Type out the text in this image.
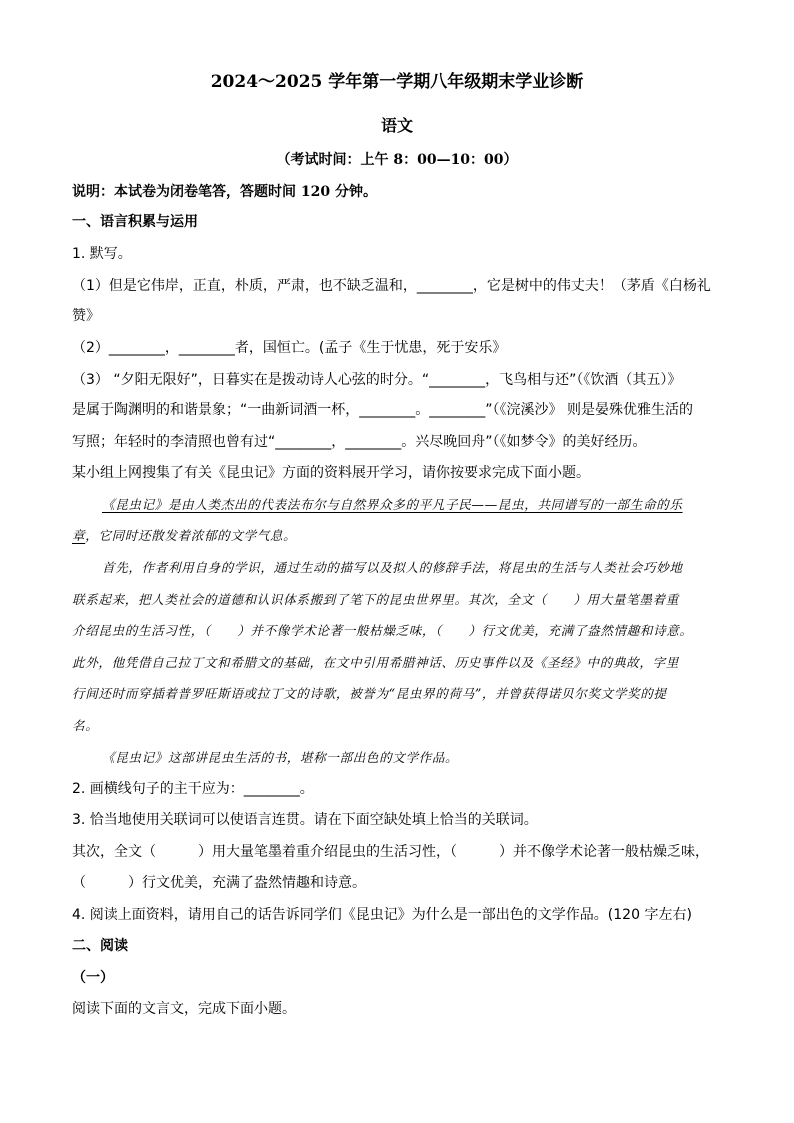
2024～2025 学年第一学期八年级期末学业诊断
语文
（考试时间：上午 8：00—10：00）
说明：本试卷为闭卷笔答，答题时间 120 分钟。
一、语言积累与运用
1. 默写。
（1）但是它伟岸，正直，朴质，严肃，也不缺乏温和，________，它是树中的伟丈夫！（茅盾《白杨礼
赞》
（2）________，________者，国恒亡。(孟子《生于忧患，死于安乐》
（3） “夕阳无限好”，日暮实在是拨动诗人心弦的时分。“________，飞鸟相与还”（《饮酒（其五）》
是属于陶渊明的和谐景象；“一曲新词酒一杯，________。________”（《浣溪沙》 则是晏殊优雅生活的
写照；年轻时的李清照也曾有过“________，________。兴尽晚回舟”（《如梦令》的美好经历。
某小组上网搜集了有关《昆虫记》方面的资料展开学习，请你按要求完成下面小题。
《昆虫记》是由人类杰出的代表法布尔与自然界众多的平凡子民——昆虫，共同谱写的一部生命的乐
章，它同时还散发着浓郁的文学气息。
首先，作者利用自身的学识，通过生动的描写以及拟人的修辞手法，将昆虫的生活与人类社会巧妙地
联系起来，把人类社会的道德和认识体系搬到了笔下的昆虫世界里。其次，全文（　　）用大量笔墨着重
介绍昆虫的生活习性，（　　）并不像学术论著一般枯燥乏味，（　　）行文优美，充满了盎然情趣和诗意。
此外，他凭借自己拉丁文和希腊文的基础，在文中引用希腊神话、历史事件以及《圣经》中的典故，字里
行间还时而穿插着普罗旺斯语或拉丁文的诗歌，被誉为“昆虫界的荷马”，并曾获得诺贝尔奖文学奖的提
名。
《昆虫记》这部讲昆虫生活的书，堪称一部出色的文学作品。
2. 画横线句子的主干应为：________。
3. 恰当地使用关联词可以使语言连贯。请在下面空缺处填上恰当的关联词。
其次，全文（　　　）用大量笔墨着重介绍昆虫的生活习性，（　　　）并不像学术论著一般枯燥乏味，
（　　　）行文优美，充满了盎然情趣和诗意。
4. 阅读上面资料，请用自己的话告诉同学们《昆虫记》为什么是一部出色的文学作品。(120 字左右)
二、阅读
（一）
阅读下面的文言文，完成下面小题。
